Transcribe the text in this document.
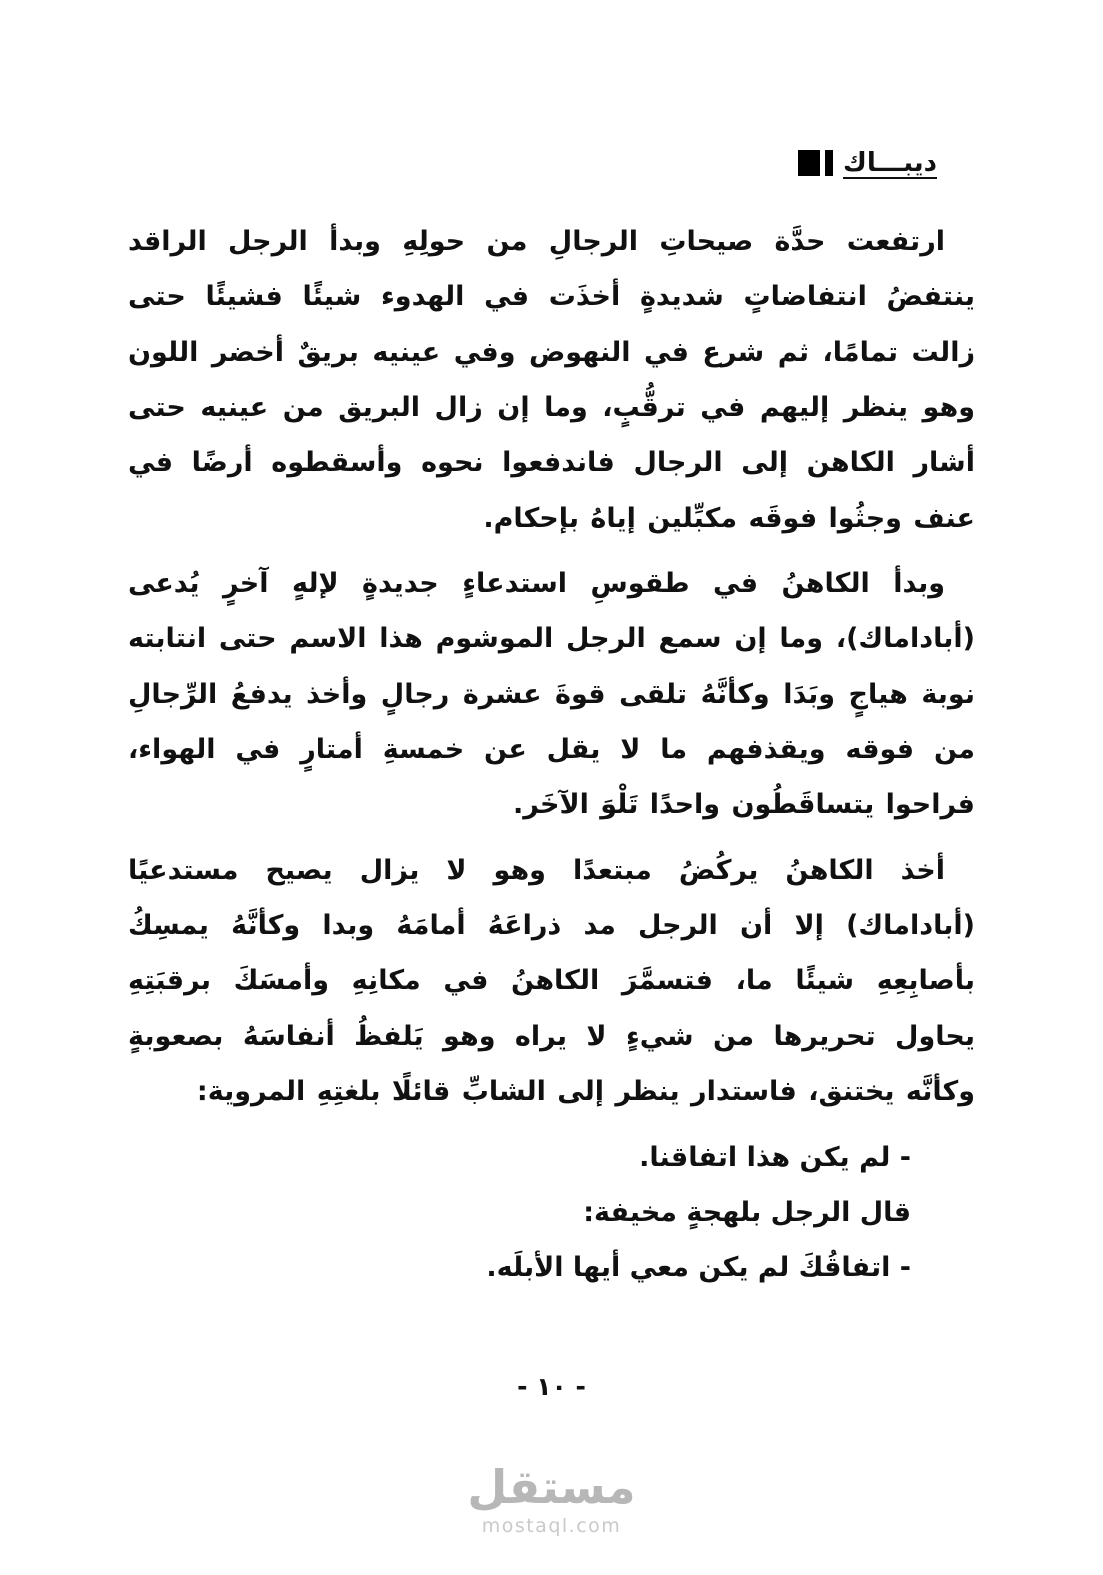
ديبـــاك

ارتفعت حدَّة صيحاتِ الرجالِ من حولِهِ وبدأ الرجل الراقد ينتفضُ انتفاضاتٍ شديدةٍ أخذَت في الهدوء شيئًا فشيئًا حتى زالت تمامًا، ثم شرع في النهوض وفي عينيه بريقٌ أخضر اللون وهو ينظر إليهم في ترقُّبٍ، وما إن زال البريق من عينيه حتى أشار الكاهن إلى الرجال فاندفعوا نحوه وأسقطوه أرضًا في عنف وجثُوا فوقَه مكبِّلين إياهُ بإحكام.

وبدأ الكاهنُ في طقوسِ استدعاءٍ جديدةٍ لإلهٍ آخرٍ يُدعى (أباداماك)، وما إن سمع الرجل الموشوم هذا الاسم حتى انتابته نوبة هياجٍ وبَدَا وكأنَّهُ تلقى قوةَ عشرة رجالٍ وأخذ يدفعُ الرِّجالِ من فوقه ويقذفهم ما لا يقل عن خمسةِ أمتارٍ في الهواء، فراحوا يتساقَطُون واحدًا تَلْوَ الآخَر.

أخذ الكاهنُ يركُضُ مبتعدًا وهو لا يزال يصيح مستدعيًا (أباداماك) إلا أن الرجل مد ذراعَهُ أمامَهُ وبدا وكأنَّهُ يمسِكُ بأصابِعِهِ شيئًا ما، فتسمَّرَ الكاهنُ في مكانِهِ وأمسَكَ برقبَتِهِ يحاول تحريرها من شيءٍ لا يراه وهو يَلفظُ أنفاسَهُ بصعوبةٍ وكأنَّه يختنق، فاستدار ينظر إلى الشابِّ قائلًا بلغتِهِ المروية:

- لم يكن هذا اتفاقنا.
قال الرجل بلهجةٍ مخيفة:
- اتفاقُكَ لم يكن معي أيها الأبلَه.
- ١٠ -
مستقل
mostaql.com
